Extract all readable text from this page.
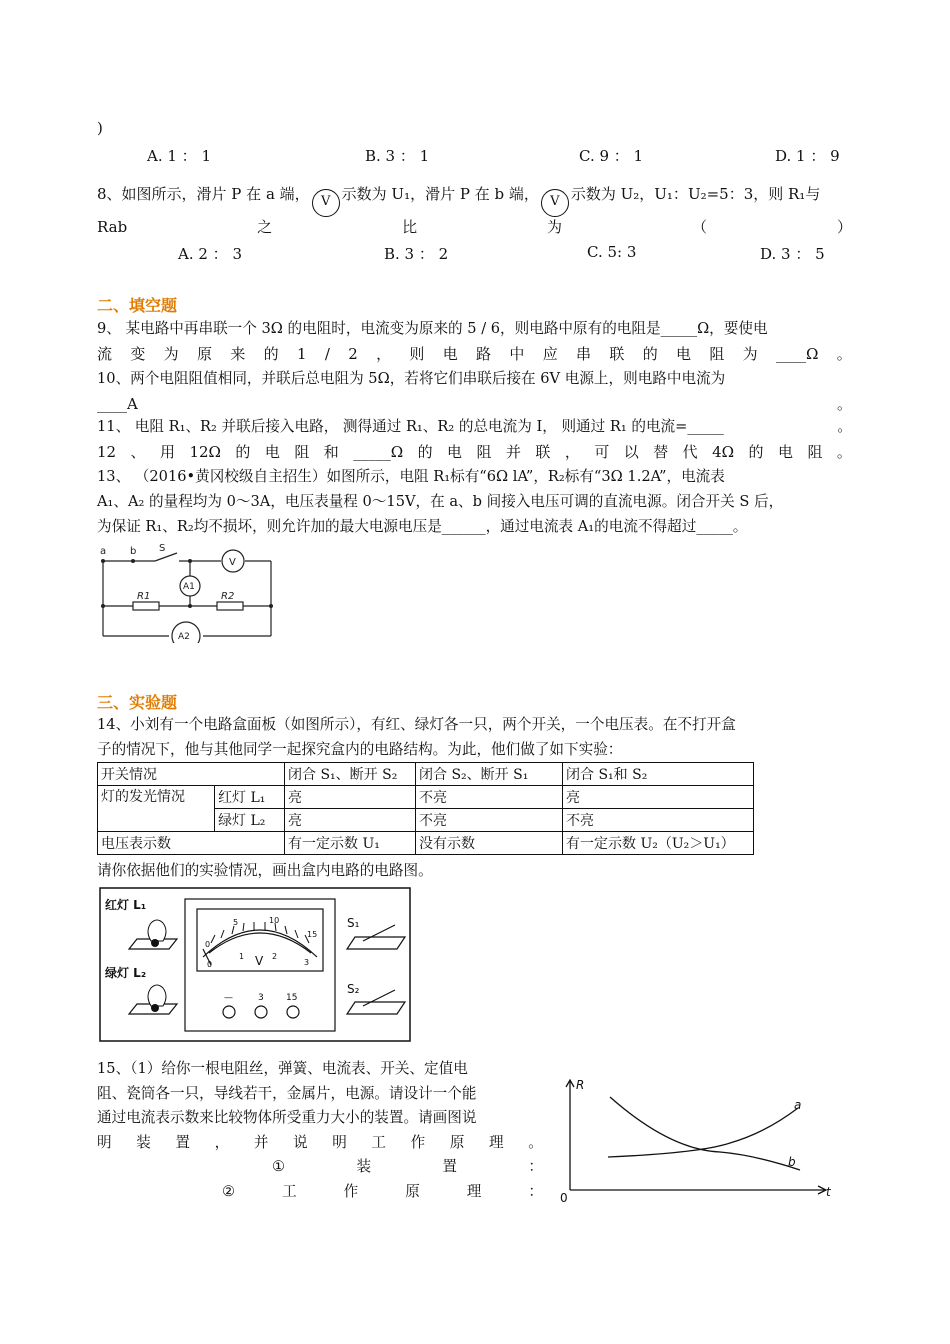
)
A. 1 ： 1	B. 3 ： 1	C. 9 ： 1	D. 1 ： 9
8、如图所示，滑片 P 在 a 端， V 示数为 U₁，滑片 P 在 b 端， V 示数为 U₂，U₁：U₂=5：3，则 R₁与
Rab	之	比	为	（	）
A. 2 ： 3	B. 3 ： 2	C. 5: 3	D. 3 ： 5
二、填空题
9、 某电路中再串联一个 3Ω 的电阻时，电流变为原来的 5 / 6，则电路中原有的电阻是_____Ω，要使电
流 变 为 原 来 的 1 / 2 ， 则 电 路 中 应 串 联 的 电 阻 为 ____Ω 。
10、两个电阻阻值相同，并联后总电阻为 5Ω，若将它们串联后接在 6V 电源上，则电路中电流为
____A	。
11、 电阻 R₁、R₂ 并联后接入电路， 测得通过 R₁、R₂ 的总电流为 I， 则通过 R₁ 的电流=_____	。
12 、 用 12Ω 的 电 阻 和 _____Ω 的 电 阻 并 联 ， 可 以 替 代 4Ω 的 电 阻 。
13、 （2016•黄冈校级自主招生）如图所示，电阻 R₁标有“6Ω lA”，R₂标有“3Ω 1.2A”，电流表
A₁、A₂ 的量程均为 0～3A，电压表量程 0～15V，在 a、b 间接入电压可调的直流电源。闭合开关 S 后，
为保证 R₁、R₂均不损坏，则允许加的最大电源电压是______，通过电流表 A₁的电流不得超过_____。
a b S
V
A1
A2
R1	R2
三、实验题
14、小刘有一个电路盒面板（如图所示），有红、绿灯各一只，两个开关，一个电压表。在不打开盒
子的情况下，他与其他同学一起探究盒内的电路结构。为此，他们做了如下实验：
开关情况		闭合 S₁、断开 S₂	闭合 S₂、断开 S₁	闭合 S₁和 S₂
灯的发光情况	红灯 L₁	亮	不亮	亮
	绿灯 L₂	亮	不亮	不亮
电压表示数		有一定示数 U₁	没有示数	有一定示数 U₂（U₂＞U₁）
请你依据他们的实验情况，画出盒内电路的电路图。
红灯 L₁
绿灯 L₂
S₁
S₂
0
5	10
15
0
1	2
3
V
—	3 15
15、（1）给你一根电阻丝，弹簧、电流表、开关、定值电
阻、瓷筒各一只，导线若干，金属片，电源。请设计一个能
通过电流表示数来比较物体所受重力大小的装置。请画图说
明 装 置 ， 并 说 明 工 作 原 理 。
①	装	置	：
②	工	作	原	理	：
R
t
0
a
b
